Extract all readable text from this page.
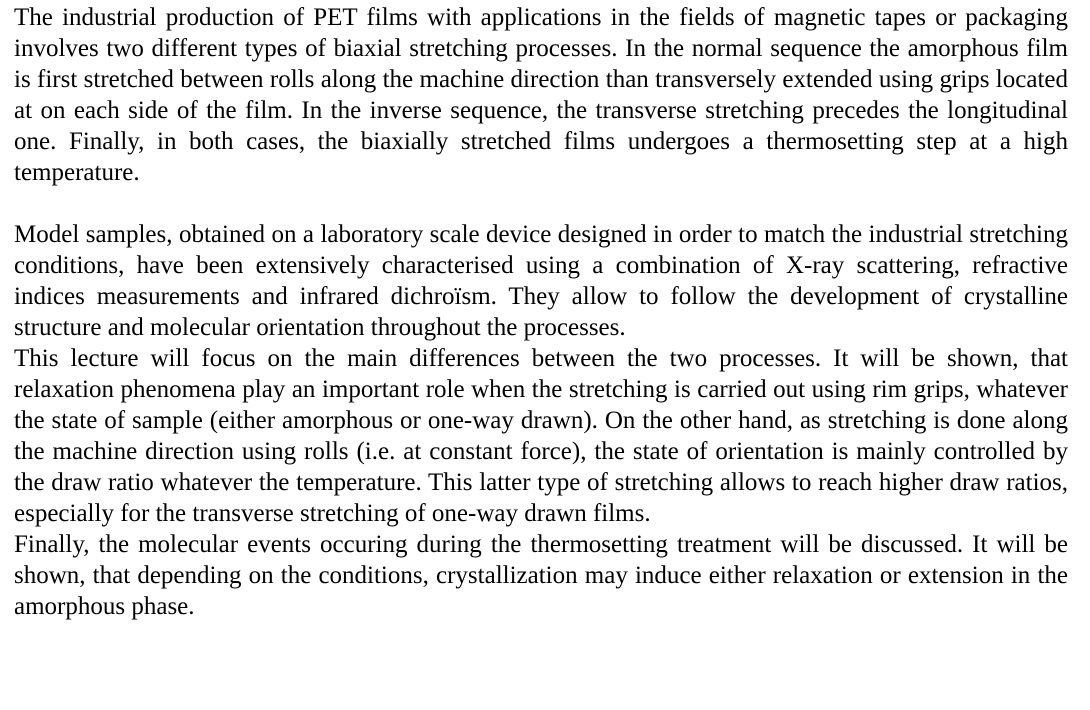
The industrial production of PET films with applications in the fields of magnetic tapes or packaging involves two different types of biaxial stretching processes. In the normal sequence the amorphous film is first stretched between rolls along the machine direction than transversely extended using grips located at on each side of the film. In the inverse sequence, the transverse stretching precedes the longitudinal one. Finally, in both cases, the biaxially stretched films undergoes a thermosetting step at a high temperature.

Model samples, obtained on a laboratory scale device designed in order to match the industrial stretching conditions, have been extensively characterised using a combination of X-ray scattering, refractive indices measurements and infrared dichroïsm. They allow to follow the development of crystalline structure and molecular orientation throughout the processes.

This lecture will focus on the main differences between the two processes. It will be shown, that relaxation phenomena play an important role when the stretching is carried out using rim grips, whatever the state of sample (either amorphous or one-way drawn). On the other hand, as stretching is done along the machine direction using rolls (i.e. at constant force), the state of orientation is mainly controlled by the draw ratio whatever the temperature. This latter type of stretching allows to reach higher draw ratios, especially for the transverse stretching of one-way drawn films.

Finally, the molecular events occuring during the thermosetting treatment will be discussed. It will be shown, that depending on the conditions, crystallization may induce either relaxation or extension in the amorphous phase.
